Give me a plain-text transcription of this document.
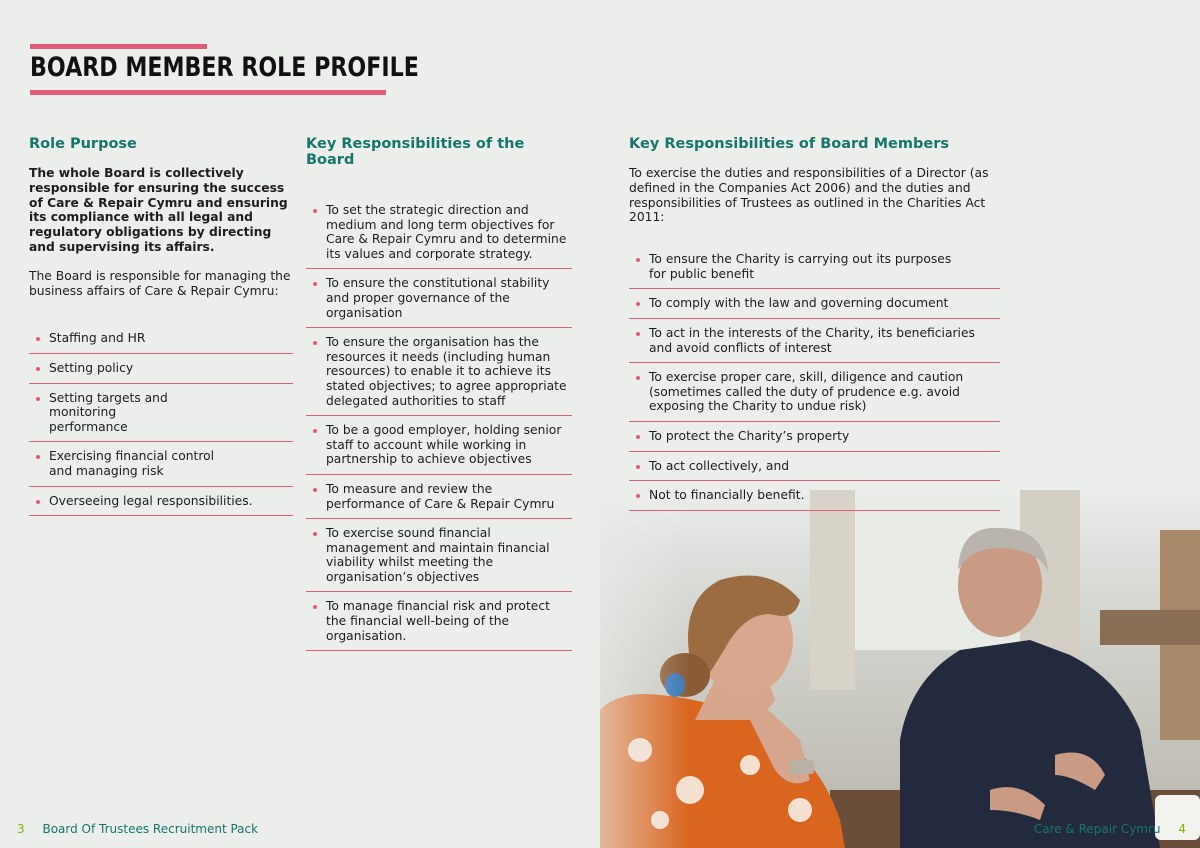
BOARD MEMBER ROLE PROFILE
Role Purpose

The whole Board is collectively responsible for ensuring the success of Care & Repair Cymru and ensuring its compliance with all legal and regulatory obligations by directing and supervising its affairs.

The Board is responsible for managing the business affairs of Care & Repair Cymru:

Staffing and HR
Setting policy
Setting targets and monitoring performance
Exercising financial control and managing risk
Overseeing legal responsibilities.
Key Responsibilities of the Board
To set the strategic direction and medium and long term objectives for Care & Repair Cymru and to determine its values and corporate strategy.
To ensure the constitutional stability and proper governance of the organisation
To ensure the organisation has the resources it needs (including human resources) to enable it to achieve its stated objectives; to agree appropriate delegated authorities to staff
To be a good employer, holding senior staff to account while working in partnership to achieve objectives
To measure and review the performance of Care & Repair Cymru
To exercise sound financial management and maintain financial viability whilst meeting the organisation’s objectives
To manage financial risk and protect the financial well-being of the organisation.
Key Responsibilities of Board Members

To exercise the duties and responsibilities of a Director (as defined in the Companies Act 2006) and the duties and responsibilities of Trustees as outlined in the Charities Act 2011:

To ensure the Charity is carrying out its purposes for public benefit
To comply with the law and governing document
To act in the interests of the Charity, its beneficiaries and avoid conflicts of interest
To exercise proper care, skill, diligence and caution (sometimes called the duty of prudence e.g. avoid exposing the Charity to undue risk)
To protect the Charity’s property
To act collectively, and
Not to financially benefit.
3 Board Of Trustees Recruitment Pack	Care & Repair Cymru 4
